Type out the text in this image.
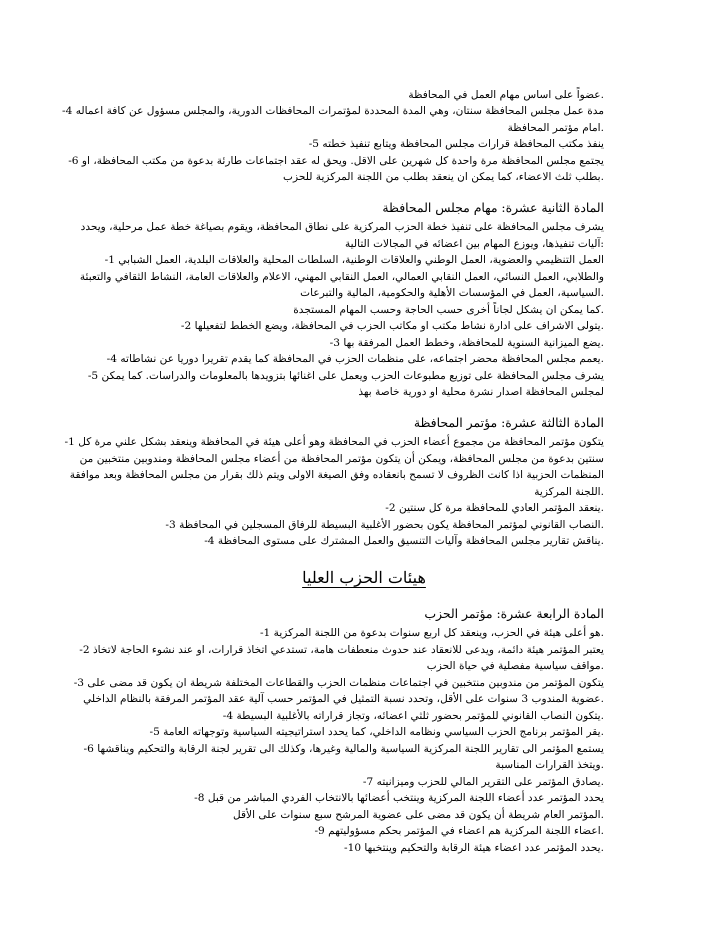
.عضواً على اساس مهام العمل في المحافظة
مدة عمل مجلس المحافظة سنتان، وهي المدة المحددة لمؤتمرات المحافظات الدورية، والمجلس مسؤول عن كافة اعماله 4-
.امام مؤتمر المحافظة
ينفذ مكتب المحافظة قرارات مجلس المحافظة ويتابع تنفيذ خطته 5-
يجتمع مجلس المحافظة مرة واحدة كل شهرين على الاقل. ويحق له عقد اجتماعات طارئة بدعوة من مكتب المحافظة، او 6-
.بطلب ثلث الاعضاء، كما يمكن ان ينعقد بطلب من اللجنة المركزية للحزب
المادة الثانية عشرة: مهام مجلس المحافظة
يشرف مجلس المحافظة على تنفيذ خطة الحزب المركزية على نطاق المحافظة، ويقوم بصياغة خطة عمل مرحلية، ويحدد
:آليات تنفيذها، ويوزع المهام بين اعضائه في المجالات التالية
العمل التنظيمي والعضوية، العمل الوطني والعلاقات الوطنية، السلطات المحلية والعلاقات البلدية، العمل الشبابي 1-
والطلابي، العمل النسائي، العمل النقابي العمالي، العمل النقابي المهني، الاعلام والعلاقات العامة، النشاط الثقافي والتعبئة
.السياسية، العمل في المؤسسات الأهلية والحكومية، المالية والتبرعات
.كما يمكن ان يشكل لجاناً أخرى حسب الحاجة وحسب المهام المستجدة
.يتولى الاشراف على ادارة نشاط مكتب او مكاتب الحزب في المحافظة، ويضع الخطط لتفعيلها 2-
.يضع الميزانية السنوية للمحافظة، وخطط العمل المرفقة بها 3-
.يعمم مجلس المحافظة محضر اجتماعه، على منظمات الحزب في المحافظة كما يقدم تقريرا دوريا عن نشاطاته 4-
يشرف مجلس المحافظة على توزيع مطبوعات الحزب ويعمل على اغنائها بتزويدها بالمعلومات والدراسات. كما يمكن 5-
لمجلس المحافظة اصدار نشرة محلية او دورية خاصة بهذ
المادة الثالثة عشرة: مؤتمر المحافظة
يتكون مؤتمر المحافظة من مجموع أعضاء الحزب في المحافظة وهو أعلى هيئة في المحافظة وينعقد بشكل علني مرة كل 1-
سنتين بدعوة من مجلس المحافظة، ويمكن أن يتكون مؤتمر المحافظة من أعضاء مجلس المحافظة ومندوبين منتخبين من
المنظمات الحزبية اذا كانت الظروف لا تسمح بانعقاده وفق الصيغة الاولى ويتم ذلك بقرار من مجلس المحافظة وبعد موافقة
.اللجنة المركزية
.ينعقد المؤتمر العادي للمحافظة مرة كل سنتين 2-
.النصاب القانوني لمؤتمر المحافظة يكون بحضور الأغلبية البسيطة للرفاق المسجلين في المحافظة 3-
.يناقش تقارير مجلس المحافظة وآليات التنسيق والعمل المشترك على مستوى المحافظة 4-
هيئات الحزب العليا
المادة الرابعة عشرة: مؤتمر الحزب
.هو أعلى هيئة في الحزب، وينعقد كل اربع سنوات بدعوة من اللجنة المركزية 1-
يعتبر المؤتمر هيئة دائمة، ويدعى للانعقاد عند حدوث منعطفات هامة، تستدعي اتخاذ قرارات، او عند نشوء الحاجة لاتخاذ 2-
.مواقف سياسية مفصلية في حياة الحزب
يتكون المؤتمر من مندوبين منتخبين في اجتماعات منظمات الحزب والقطاعات المختلفة شريطة ان يكون قد مضى على 3-
.عضوية المندوب 3 سنوات على الأقل، وتحدد نسبة التمثيل في المؤتمر حسب آلية عقد المؤتمر المرفقة بالنظام الداخلي
.يتكون النصاب القانوني للمؤتمر بحضور ثلثي اعضائه، وتجاز قراراته بالأغلبية البسيطة 4-
.يقر المؤتمر برنامج الحزب السياسي ونظامه الداخلي، كما يحدد استراتيجيته السياسية وتوجهاته العامة 5-
يستمع المؤتمر الى تقارير اللجنة المركزية السياسية والمالية وغيرها، وكذلك الى تقرير لجنة الرقابة والتحكيم ويناقشها 6-
.ويتخذ القرارات المناسبة
.يصادق المؤتمر على التقرير المالي للحزب وميزانيته 7-
يحدد المؤتمر عدد أعضاء اللجنة المركزية وينتخب أعضائها بالانتخاب الفردي المباشر من قبل 8-
.المؤتمر العام شريطة أن يكون قد مضى على عضوية المرشح سبع سنوات على الأقل
.اعضاء اللجنة المركزية هم اعضاء في المؤتمر بحكم مسؤوليتهم 9-
.يحدد المؤتمر عدد اعضاء هيئة الرقابة والتحكيم وينتخبها 10-
